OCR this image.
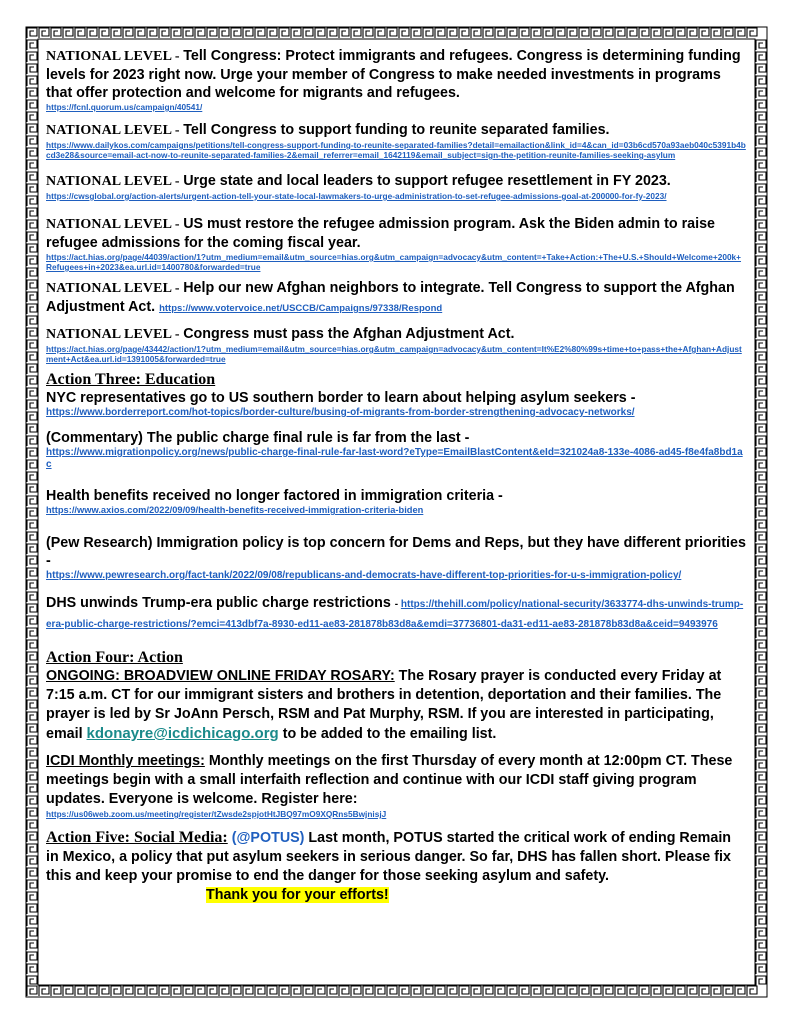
NATIONAL LEVEL - Tell Congress: Protect immigrants and refugees. Congress is determining funding levels for 2023 right now. Urge your member of Congress to make needed investments in programs that offer protection and welcome for migrants and refugees.
https://fcnl.quorum.us/campaign/40541/
NATIONAL LEVEL - Tell Congress to support funding to reunite separated families.
https://www.dailykos.com/campaigns/petitions/tell-congress-support-funding-to-reunite-separated-families?detail=emailaction&link_id=4&can_id=03b6cd570a93aeb040c5391b4bcd3e28&source=email-act-now-to-reunite-separated-families-2&email_referrer=email_1642119&email_subject=sign-the-petition-reunite-families-seeking-asylum
NATIONAL LEVEL - Urge state and local leaders to support refugee resettlement in FY 2023.
https://cwsglobal.org/action-alerts/urgent-action-tell-your-state-local-lawmakers-to-urge-administration-to-set-refugee-admissions-goal-at-200000-for-fy-2023/
NATIONAL LEVEL - US must restore the refugee admission program. Ask the Biden admin to raise refugee admissions for the coming fiscal year.
https://act.hias.org/page/44039/action/1?utm_medium=email&utm_source=hias.org&utm_campaign=advocacy&utm_content=+Take+Action:+The+U.S.+Should+Welcome+200k+Refugees+in+2023&ea.url.id=1400780&forwarded=true
NATIONAL LEVEL - Help our new Afghan neighbors to integrate. Tell Congress to support the Afghan Adjustment Act. https://www.votervoice.net/USCCB/Campaigns/97338/Respond
NATIONAL LEVEL - Congress must pass the Afghan Adjustment Act.
https://act.hias.org/page/43442/action/1?utm_medium=email&utm_source=hias.org&utm_campaign=advocacy&utm_content=It%E2%80%99s+time+to+pass+the+Afghan+Adjustment+Act&ea.url.id=1391005&forwarded=true
Action Three: Education
NYC representatives go to US southern border to learn about helping asylum seekers -
https://www.borderreport.com/hot-topics/border-culture/busing-of-migrants-from-border-strengthening-advocacy-networks/
(Commentary) The public charge final rule is far from the last -
https://www.migrationpolicy.org/news/public-charge-final-rule-far-last-word?eType=EmailBlastContent&eId=321024a8-133e-4086-ad45-f8e4fa8bd1ac
Health benefits received no longer factored in immigration criteria -
https://www.axios.com/2022/09/09/health-benefits-received-immigration-criteria-biden
(Pew Research) Immigration policy is top concern for Dems and Reps, but they have different priorities -
https://www.pewresearch.org/fact-tank/2022/09/08/republicans-and-democrats-have-different-top-priorities-for-u-s-immigration-policy/
DHS unwinds Trump-era public charge restrictions - https://thehill.com/policy/national-security/3633774-dhs-unwinds-trump-era-public-charge-restrictions/?emci=413dbf7a-8930-ed11-ae83-281878b83d8a&emdi=37736801-da31-ed11-ae83-281878b83d8a&ceid=9493976
Action Four: Action
ONGOING: BROADVIEW ONLINE FRIDAY ROSARY: The Rosary prayer is conducted every Friday at 7:15 a.m. CT for our immigrant sisters and brothers in detention, deportation and their families. The prayer is led by Sr JoAnn Persch, RSM and Pat Murphy, RSM. If you are interested in participating, email kdonayre@icdichicago.org to be added to the emailing list.
ICDI Monthly meetings: Monthly meetings on the first Thursday of every month at 12:00pm CT. These meetings begin with a small interfaith reflection and continue with our ICDI staff giving program updates. Everyone is welcome. Register here:
https://us06web.zoom.us/meeting/register/tZwsde2spjotHtJBQ97mO9XQRns5BwjnisjJ
Action Five: Social Media: (@POTUS) Last month, POTUS started the critical work of ending Remain in Mexico, a policy that put asylum seekers in serious danger. So far, DHS has fallen short. Please fix this and keep your promise to end the danger for those seeking asylum and safety. Thank you for your efforts!
